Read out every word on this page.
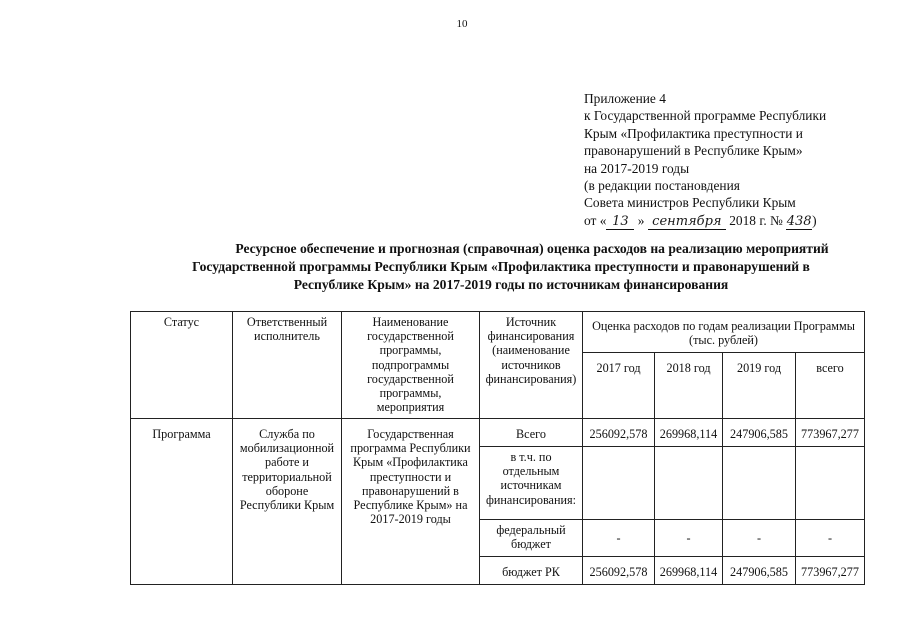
10
Приложение 4
к Государственной программе Республики
Крым «Профилактика преступности и
правонарушений в Республике Крым»
на 2017-2019 годы
(в редакции постановдения
Совета министров Республики Крым
от « 13 » сентября 2018 г. № 438)
Ресурсное обеспечение и прогнозная (справочная) оценка расходов на реализацию мероприятий
Государственной программы Республики Крым «Профилактика преступности и правонарушений в
Республике Крым» на 2017-2019 годы по источникам финансирования
Статус	Ответственный исполнитель	Наименование государственной программы, подпрограммы государственной программы, мероприятия	Источник финансирования (наименование источников финансирования)	Оценка расходов по годам реализации Программы (тыс. рублей)			
				2017 год	2018 год	2019 год	всего
Программа	Служба по мобилизационной работе и территориальной обороне Республики Крым	Государственная программа Республики Крым «Профилактика преступности и правонарушений в Республике Крым» на 2017-2019 годы	Всего	256092,578	269968,114	247906,585	773967,277
			в т.ч. по отдельным источникам финансирования:				
			федеральный бюджет	-	-	-	-
			бюджет РК	256092,578	269968,114	247906,585	773967,277
